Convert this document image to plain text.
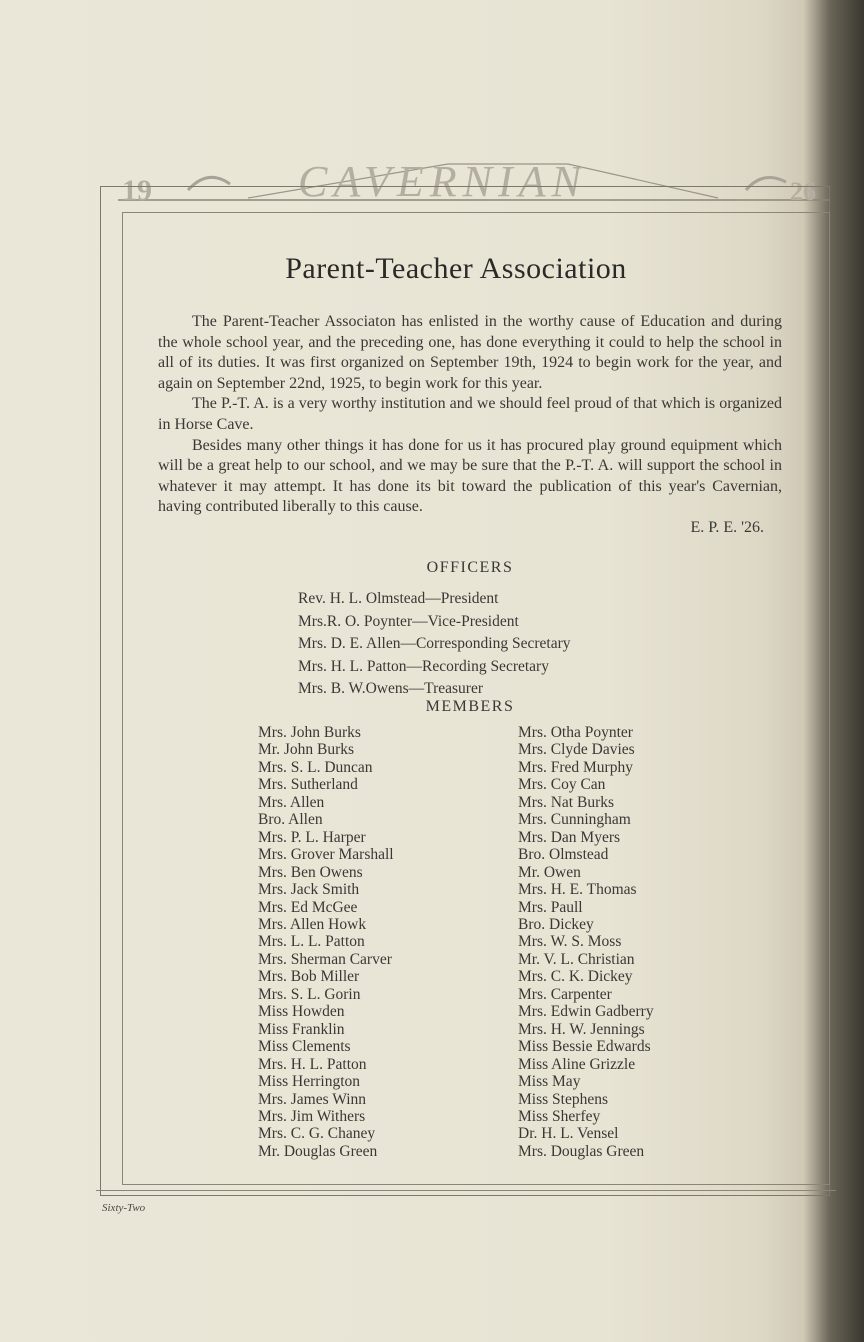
19	CAVERNIAN	26
Parent-Teacher Association

The Parent-Teacher Associaton has enlisted in the worthy cause of Education and during the whole school year, and the preceding one, has done everything it could to help the school in all of its duties. It was first organized on September 19th, 1924 to begin work for the year, and again on September 22nd, 1925, to begin work for this year.

The P.-T. A. is a very worthy institution and we should feel proud of that which is organized in Horse Cave.

Besides many other things it has done for us it has procured play ground equipment which will be a great help to our school, and we may be sure that the P.-T. A. will support the school in whatever it may attempt. It has done its bit toward the publication of this year's Cavernian, having contributed liberally to this cause.

E. P. E. '26.
OFFICERS
Rev. H. L. Olmstead—President
Mrs.R. O. Poynter—Vice-President
Mrs. D. E. Allen—Corresponding Secretary
Mrs. H. L. Patton—Recording Secretary
Mrs. B. W.Owens—Treasurer
MEMBERS
Mrs. John Burks
Mr. John Burks
Mrs. S. L. Duncan
Mrs. Sutherland
Mrs. Allen
Bro. Allen
Mrs. P. L. Harper
Mrs. Grover Marshall
Mrs. Ben Owens
Mrs. Jack Smith
Mrs. Ed McGee
Mrs. Allen Howk
Mrs. L. L. Patton
Mrs. Sherman Carver
Mrs. Bob Miller
Mrs. S. L. Gorin
Miss Howden
Miss Franklin
Miss Clements
Mrs. H. L. Patton
Miss Herrington
Mrs. James Winn
Mrs. Jim Withers
Mrs. C. G. Chaney
Mr. Douglas Green
Mrs. Otha Poynter
Mrs. Clyde Davies
Mrs. Fred Murphy
Mrs. Coy Can
Mrs. Nat Burks
Mrs. Cunningham
Mrs. Dan Myers
Bro. Olmstead
Mr. Owen
Mrs. H. E. Thomas
Mrs. Paull
Bro. Dickey
Mrs. W. S. Moss
Mr. V. L. Christian
Mrs. C. K. Dickey
Mrs. Carpenter
Mrs. Edwin Gadberry
Mrs. H. W. Jennings
Miss Bessie Edwards
Miss Aline Grizzle
Miss May
Miss Stephens
Miss Sherfey
Dr. H. L. Vensel
Mrs. Douglas Green
Sixty-Two
